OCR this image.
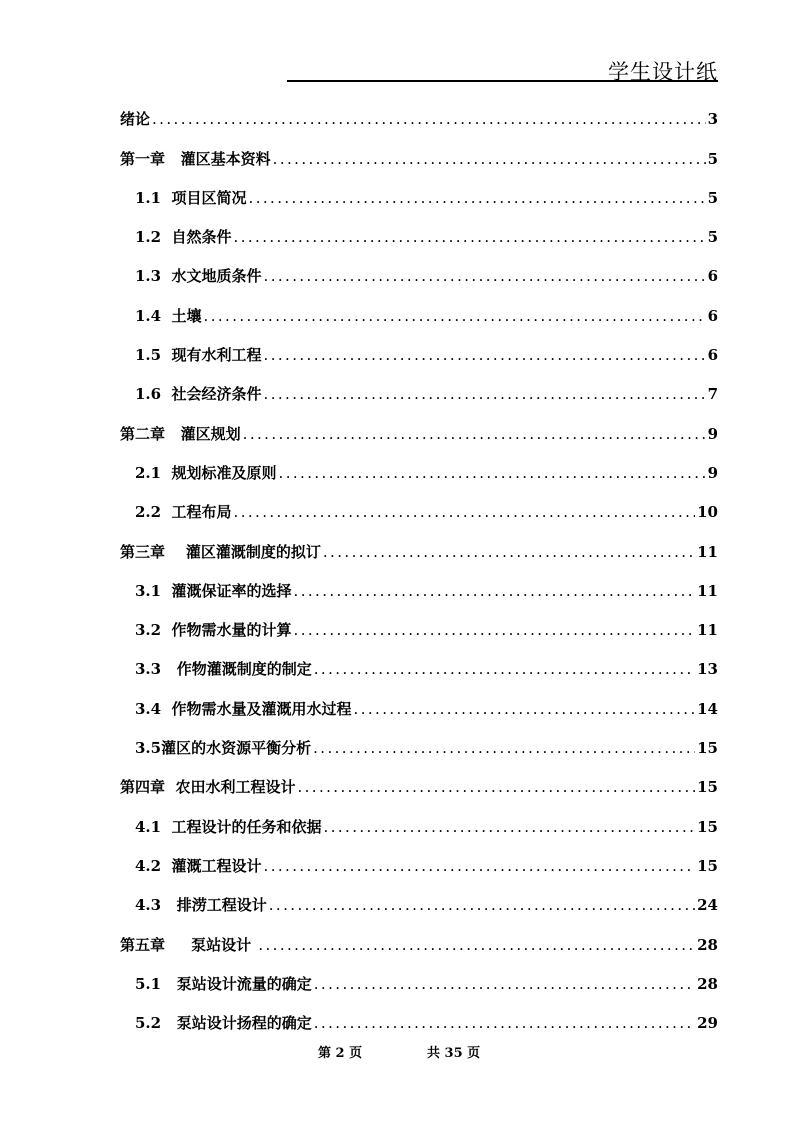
学生设计纸
绪论 .....	3
第一章   灌区基本资料 .....	5
1.1  项目区简况 .....	5
1.2  自然条件 .....	5
1.3  水文地质条件 .....	6
1.4  土壤 .....	6
1.5  现有水利工程 .....	6
1.6  社会经济条件 .....	7
第二章   灌区规划 .....	9
2.1  规划标准及原则 .....	9
2.2  工程布局 .....	10
第三章    灌区灌溉制度的拟订 .....	11
3.1  灌溉保证率的选择 .....	11
3.2  作物需水量的计算 .....	11
3.3   作物灌溉制度的制定 .....	13
3.4  作物需水量及灌溉用水过程 .....	14
3.5灌区的水资源平衡分析 .....	15
第四章  农田水利工程设计 .....	15
4.1  工程设计的任务和依据 .....	15
4.2  灌溉工程设计 .....	15
4.3   排涝工程设计 .....	24
第五章     泵站设计 .....	28
5.1   泵站设计流量的确定 .....	28
5.2   泵站设计扬程的确定 .....	29
第 2 页	共 35 页
